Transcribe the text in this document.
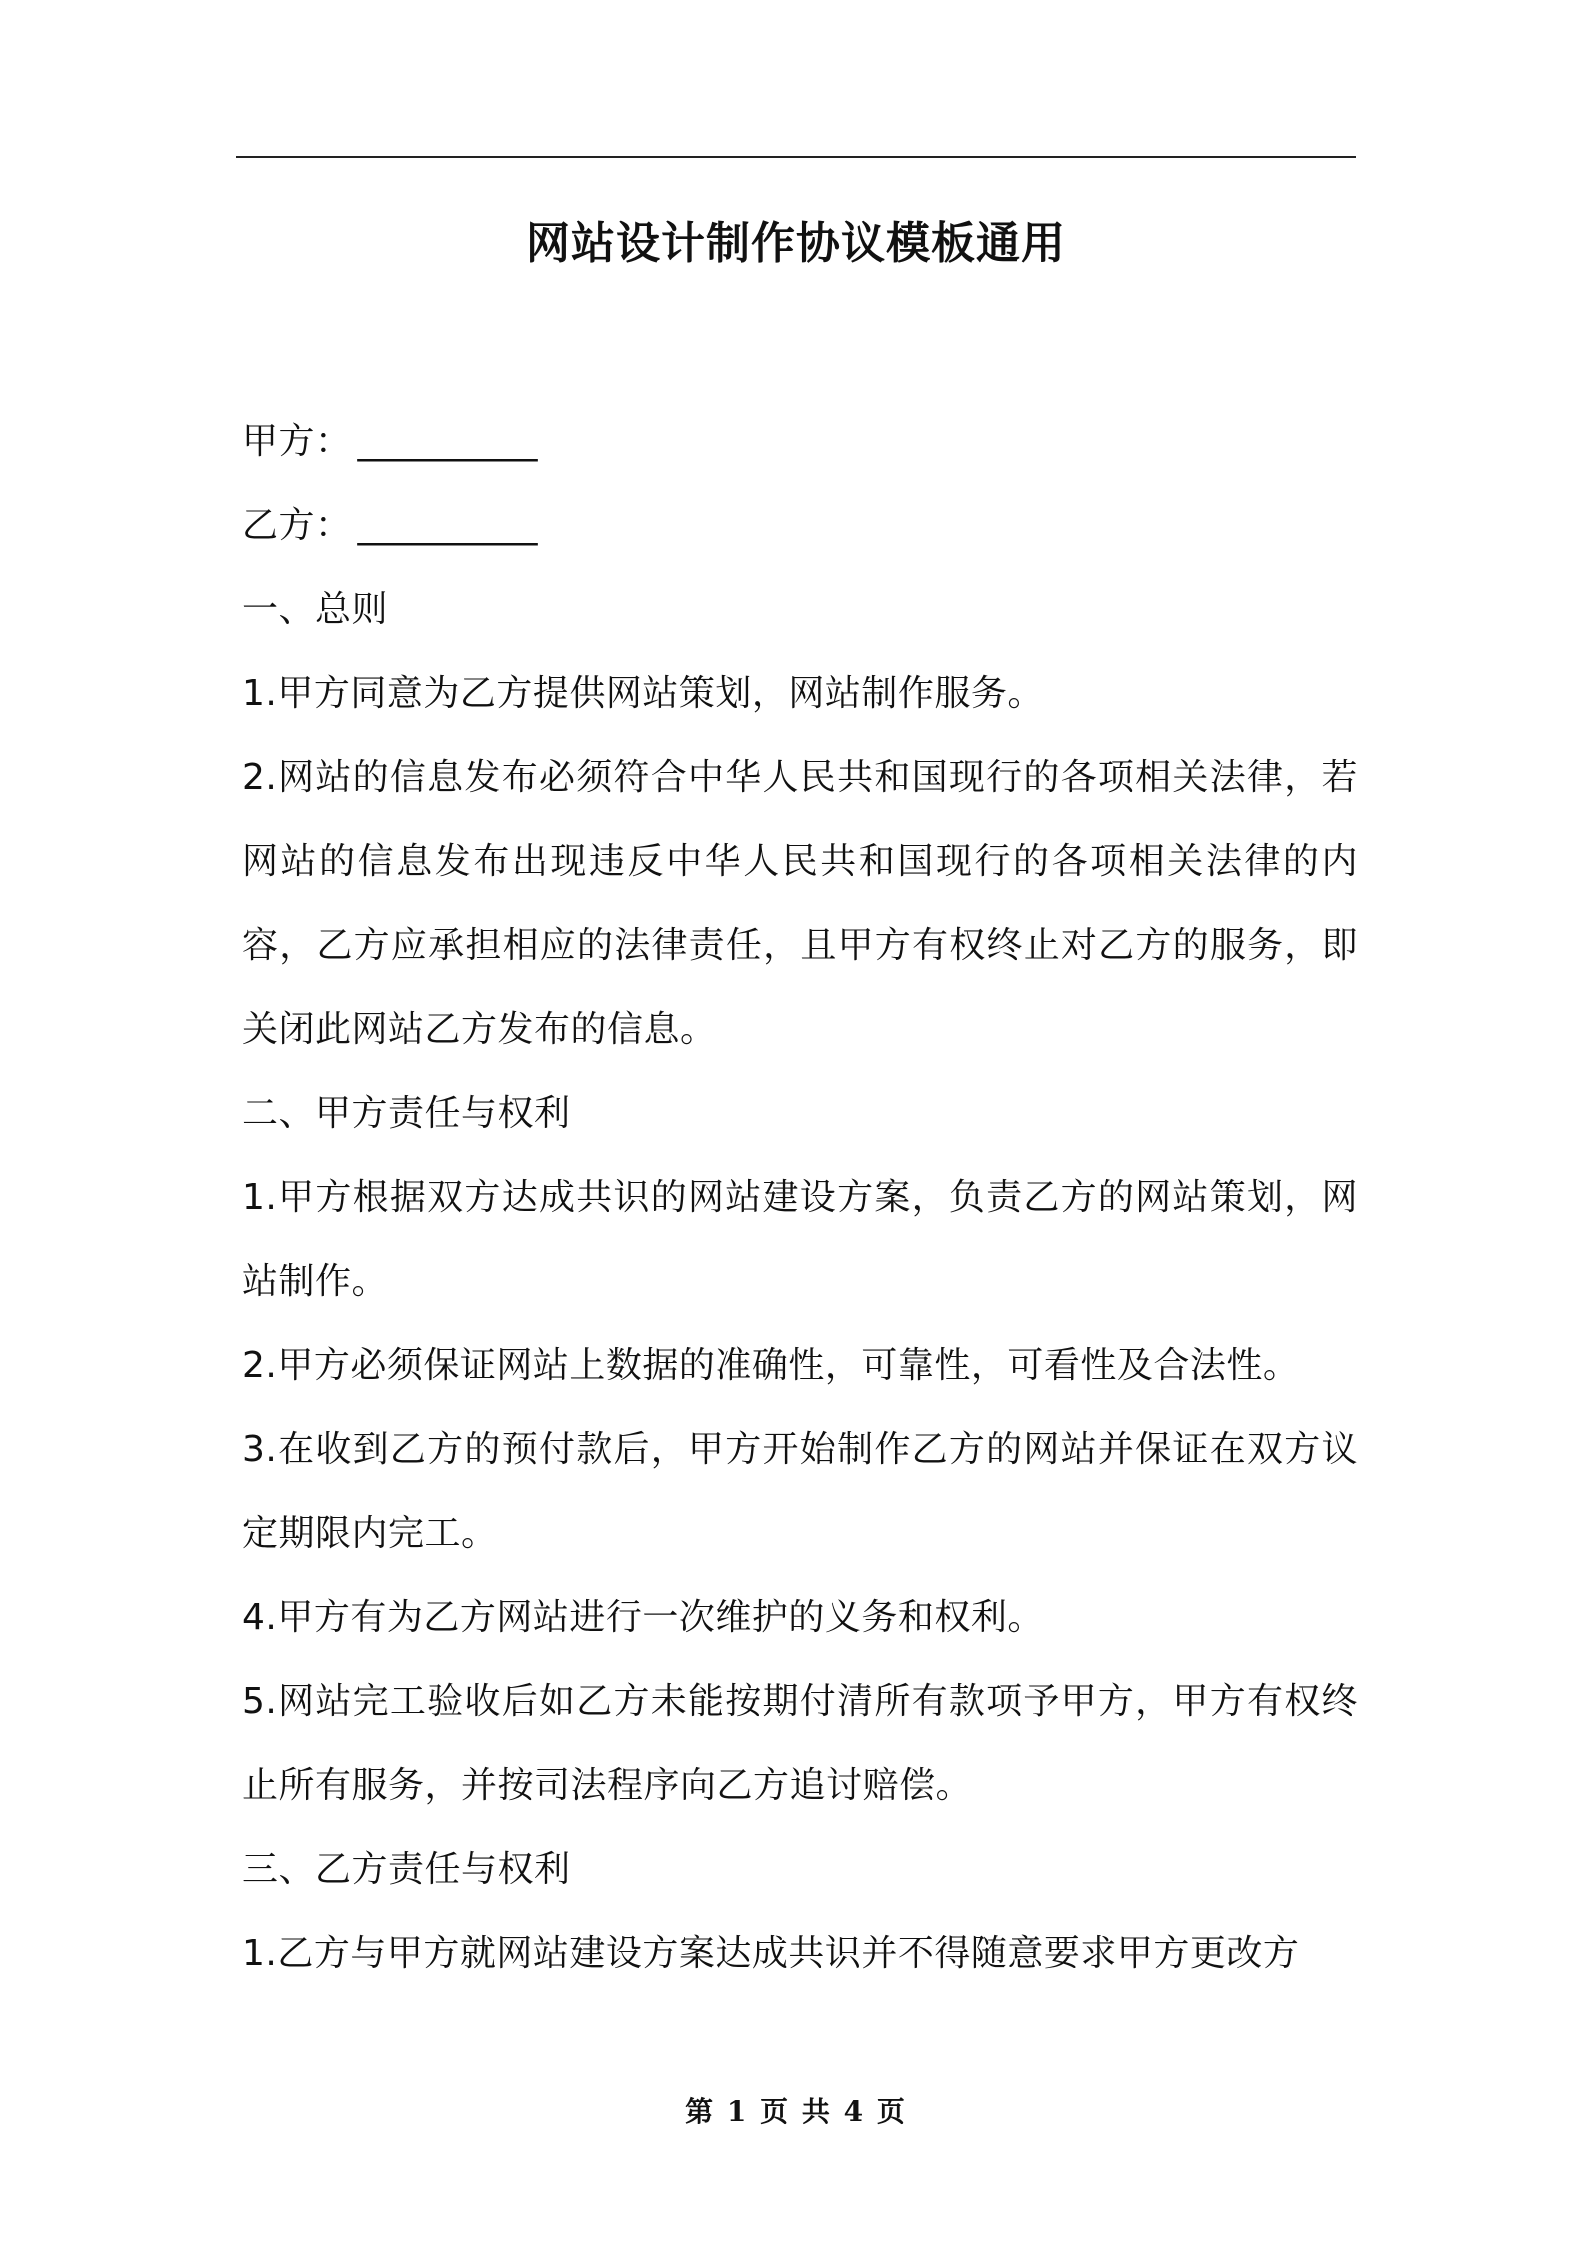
网站设计制作协议模板通用

甲方： __________

乙方： __________

一、总则

1.甲方同意为乙方提供网站策划，网站制作服务。

2.网站的信息发布必须符合中华人民共和国现行的各项相关法律，若网站的信息发布出现违反中华人民共和国现行的各项相关法律的内容，乙方应承担相应的法律责任，且甲方有权终止对乙方的服务，即关闭此网站乙方发布的信息。

二、甲方责任与权利

1.甲方根据双方达成共识的网站建设方案，负责乙方的网站策划，网站制作。

2.甲方必须保证网站上数据的准确性，可靠性，可看性及合法性。

3.在收到乙方的预付款后，甲方开始制作乙方的网站并保证在双方议定期限内完工。

4.甲方有为乙方网站进行一次维护的义务和权利。

5.网站完工验收后如乙方未能按期付清所有款项予甲方，甲方有权终止所有服务，并按司法程序向乙方追讨赔偿。

三、乙方责任与权利

1.乙方与甲方就网站建设方案达成共识并不得随意要求甲方更改方

第 1 页 共 4 页
